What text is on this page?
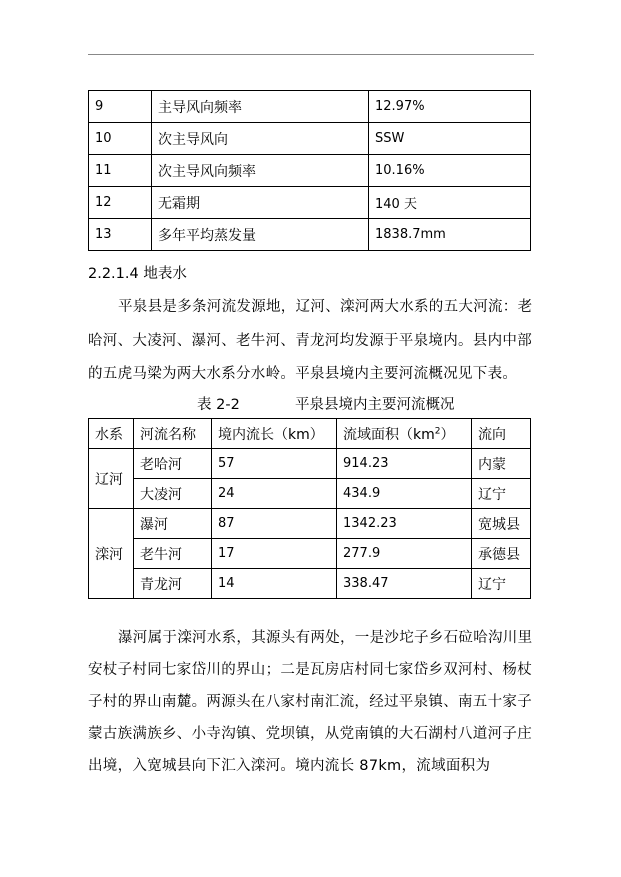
9	主导风向频率	12.97%
10	次主导风向	SSW
11	次主导风向频率	10.16%
12	无霜期	140 天
13	多年平均蒸发量	1838.7mm
2.2.1.4 地表水
平泉县是多条河流发源地，辽河、滦河两大水系的五大河流：老
哈河、大凌河、瀑河、老牛河、青龙河均发源于平泉境内。县内中部
的五虎马梁为两大水系分水岭。平泉县境内主要河流概况见下表。
表 2-2	平泉县境内主要河流概况
水系	河流名称	境内流长（km）	流域面积$(km^2)$	流向
辽河	老哈河	57	914.23	内蒙
	大凌河	24	434.9	辽宁
滦河	瀑河	87	1342.23	宽城县
	老牛河	17	277.9	承德县
	青龙河	14	338.47	辽宁
瀑河属于滦河水系，其源头有两处，一是沙坨子乡石砬哈沟川里
安杖子村同七家岱川的界山；二是瓦房店村同七家岱乡双河村、杨杖
子村的界山南麓。两源头在八家村南汇流，经过平泉镇、南五十家子
蒙古族满族乡、小寺沟镇、党坝镇，从党南镇的大石湖村八道河子庄
出境，入宽城县向下汇入滦河。境内流长 87km，流域面积为
